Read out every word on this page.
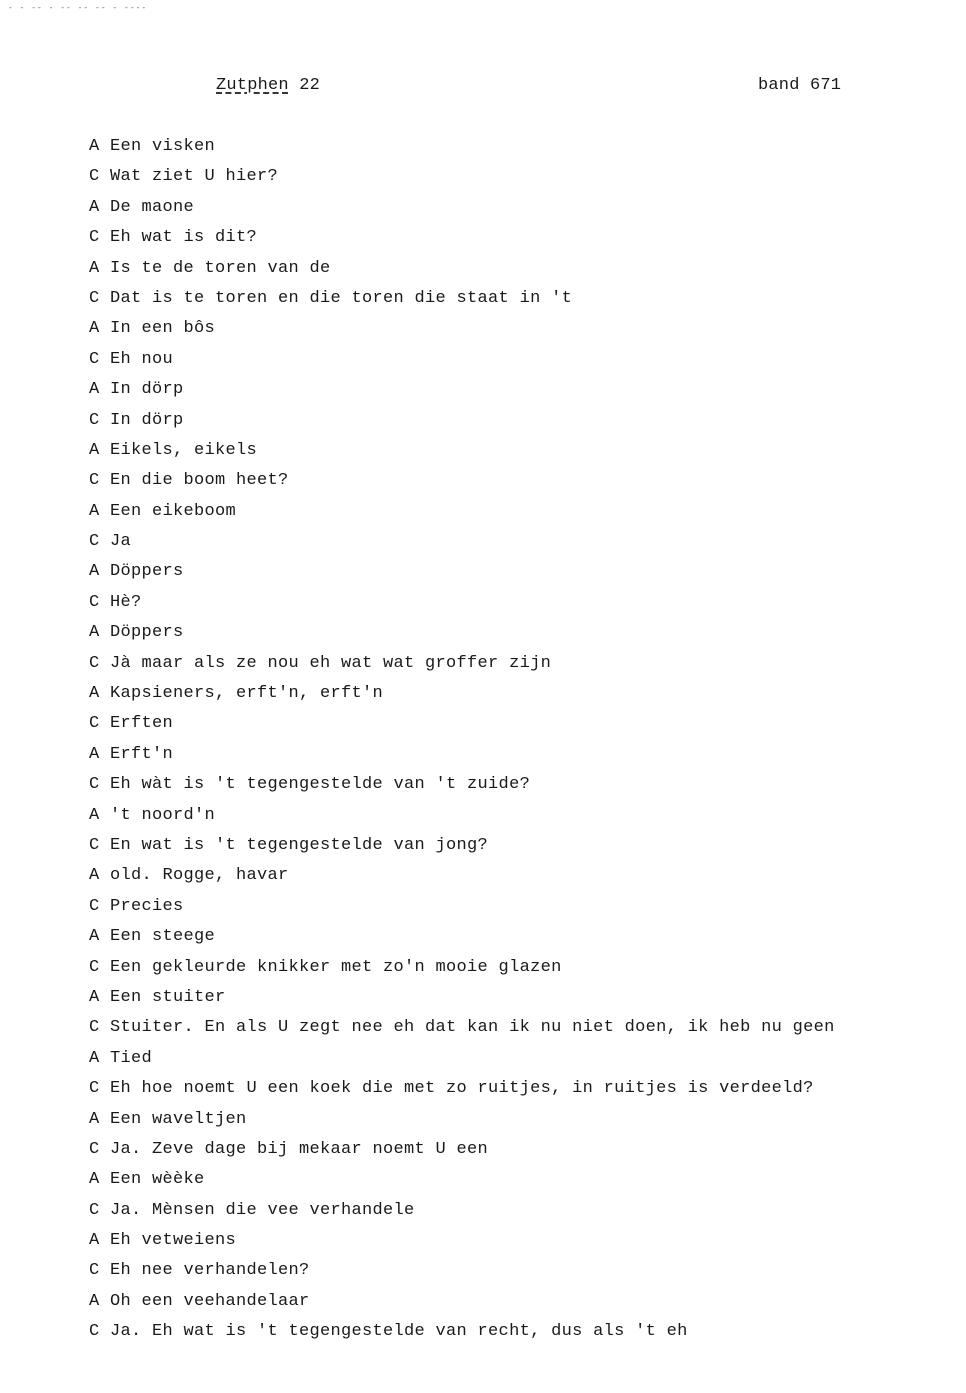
- - -- - -- -- -- - ----
Zutphen 22	band 671
A Een visken
C Wat ziet U hier?
A De maone
C Eh wat is dit?
A Is te de toren van de
C Dat is te toren en die toren die staat in 't
A In een bôs
C Eh nou
A In dörp
C In dörp
A Eikels, eikels
C En die boom heet?
A Een eikeboom
C Ja
A Döppers
C Hè?
A Döppers
C Jà maar als ze nou eh wat wat groffer zijn
A Kapsieners, erft'n, erft'n
C Erften
A Erft'n
C Eh wàt is 't tegengestelde van 't zuide?
A 't noord'n
C En wat is 't tegengestelde van jong?
A old. Rogge, havar
C Precies
A Een steege
C Een gekleurde knikker met zo'n mooie glazen
A Een stuiter
C Stuiter. En als U zegt nee eh dat kan ik nu niet doen, ik heb nu geen
A Tied
C Eh hoe noemt U een koek die met zo ruitjes, in ruitjes is verdeeld?
A Een waveltjen
C Ja. Zeve dage bij mekaar noemt U een
A Een wèèke
C Ja. Mènsen die vee verhandele
A Eh vetweiens
C Eh nee verhandelen?
A Oh een veehandelaar
C Ja. Eh wat is 't tegengestelde van recht, dus als 't eh
